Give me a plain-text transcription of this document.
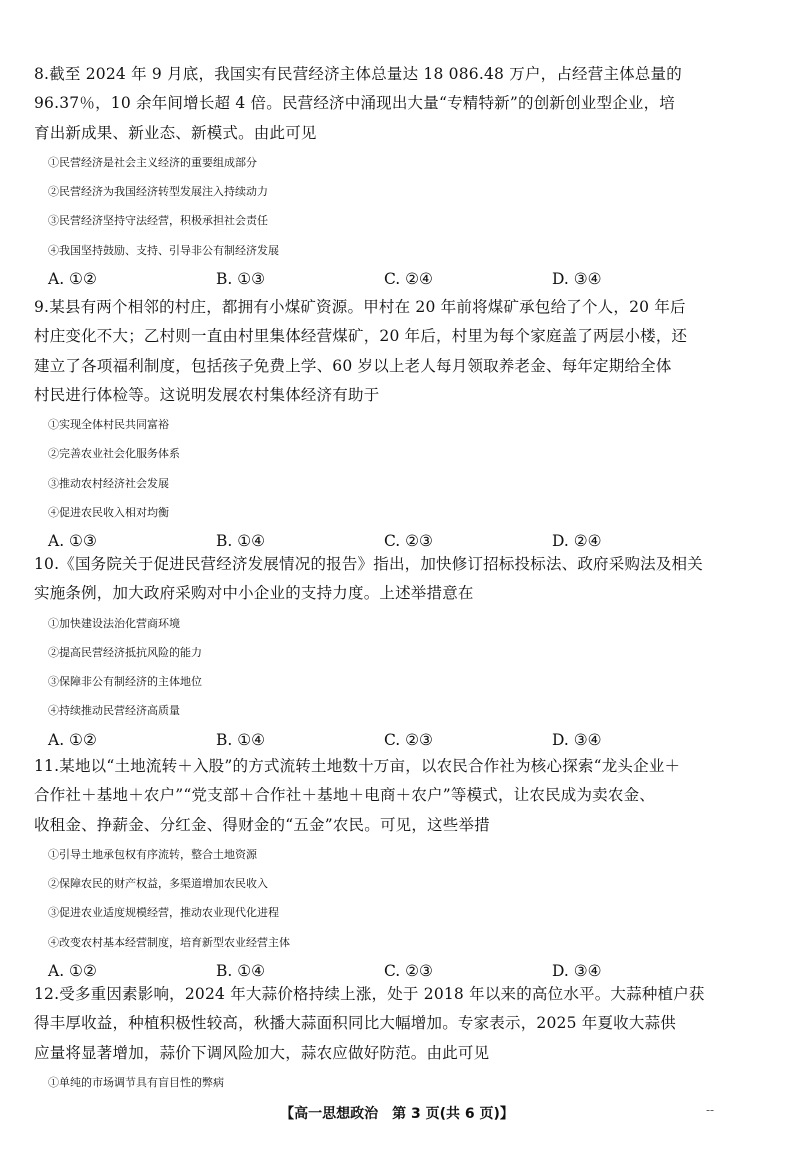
8.截至 2024 年 9 月底，我国实有民营经济主体总量达 18 086.48 万户，占经营主体总量的
96.37％，10 余年间增长超 4 倍。民营经济中涌现出大量“专精特新”的创新创业型企业，培
育出新成果、新业态、新模式。由此可见
①民营经济是社会主义经济的重要组成部分
②民营经济为我国经济转型发展注入持续动力
③民营经济坚持守法经营，积极承担社会责任
④我国坚持鼓励、支持、引导非公有制经济发展
A. ①②	B. ①③	C. ②④	D. ③④
9.某县有两个相邻的村庄，都拥有小煤矿资源。甲村在 20 年前将煤矿承包给了个人，20 年后
村庄变化不大；乙村则一直由村里集体经营煤矿，20 年后，村里为每个家庭盖了两层小楼，还
建立了各项福利制度，包括孩子免费上学、60 岁以上老人每月领取养老金、每年定期给全体
村民进行体检等。这说明发展农村集体经济有助于
①实现全体村民共同富裕
②完善农业社会化服务体系
③推动农村经济社会发展
④促进农民收入相对均衡
A. ①③	B. ①④	C. ②③	D. ②④
10.《国务院关于促进民营经济发展情况的报告》指出，加快修订招标投标法、政府采购法及相关
实施条例，加大政府采购对中小企业的支持力度。上述举措意在
①加快建设法治化营商环境
②提高民营经济抵抗风险的能力
③保障非公有制经济的主体地位
④持续推动民营经济高质量
A. ①②	B. ①④	C. ②③	D. ③④
11.某地以“土地流转＋入股”的方式流转土地数十万亩，以农民合作社为核心探索“龙头企业＋
合作社＋基地＋农户”“党支部＋合作社＋基地＋电商＋农户”等模式，让农民成为卖农金、
收租金、挣薪金、分红金、得财金的“五金”农民。可见，这些举措
①引导土地承包权有序流转，整合土地资源
②保障农民的财产权益，多渠道增加农民收入
③促进农业适度规模经营，推动农业现代化进程
④改变农村基本经营制度，培育新型农业经营主体
A. ①②	B. ①④	C. ②③	D. ③④
12.受多重因素影响，2024 年大蒜价格持续上涨，处于 2018 年以来的高位水平。大蒜种植户获
得丰厚收益，种植积极性较高，秋播大蒜面积同比大幅增加。专家表示，2025 年夏收大蒜供
应量将显著增加，蒜价下调风险加大，蒜农应做好防范。由此可见
①单纯的市场调节具有盲目性的弊病
【高一思想政治　第 3 页(共 6 页)】	--
